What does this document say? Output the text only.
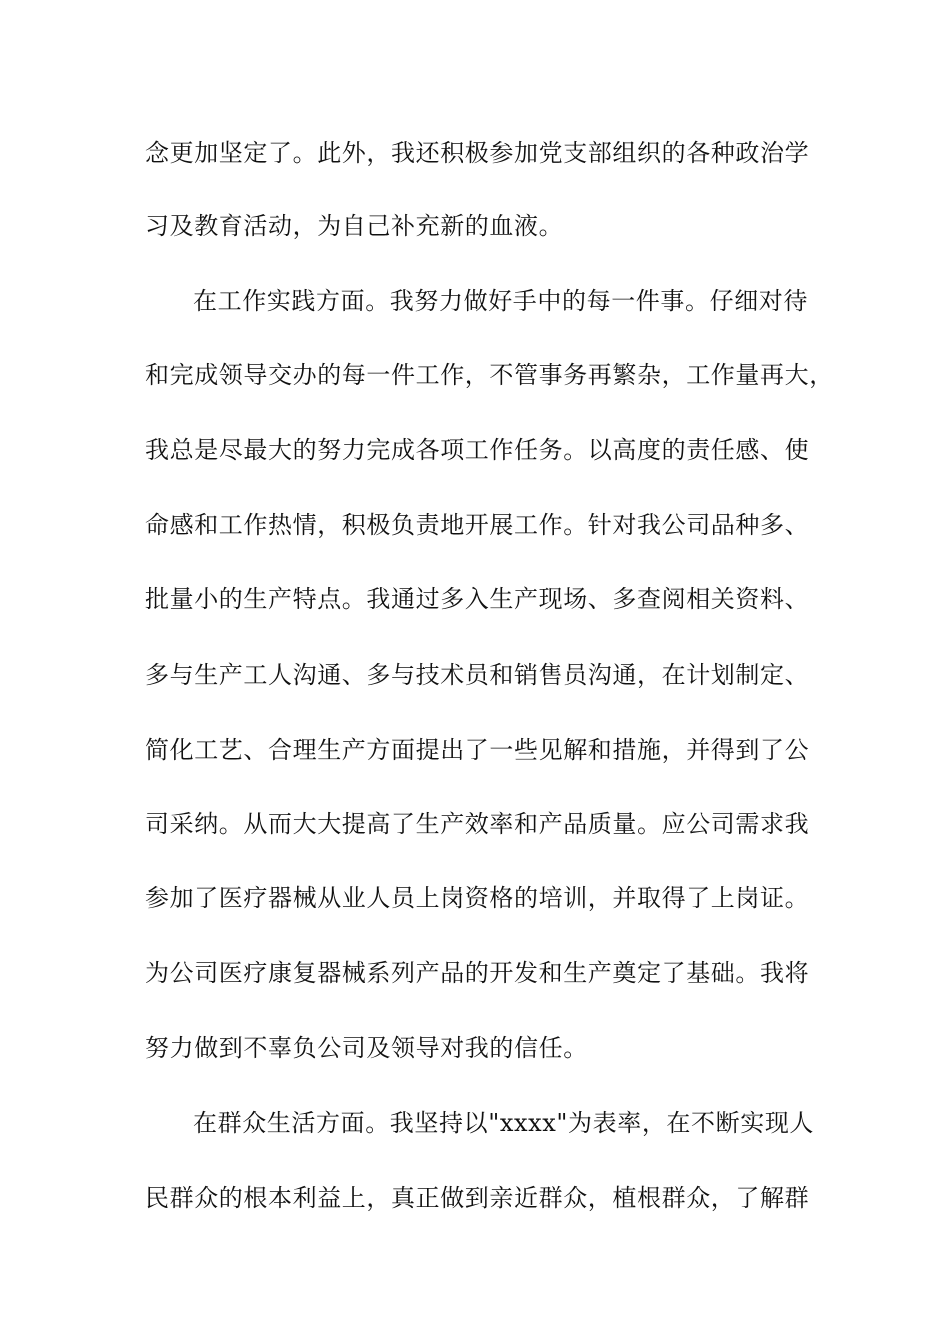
念更加坚定了。此外，我还积极参加党支部组织的各种政治学
习及教育活动，为自己补充新的血液。
在工作实践方面。我努力做好手中的每一件事。仔细对待
和完成领导交办的每一件工作，不管事务再繁杂，工作量再大，
我总是尽最大的努力完成各项工作任务。以高度的责任感、使
命感和工作热情，积极负责地开展工作。针对我公司品种多、
批量小的生产特点。我通过多入生产现场、多查阅相关资料、
多与生产工人沟通、多与技术员和销售员沟通，在计划制定、
简化工艺、合理生产方面提出了一些见解和措施，并得到了公
司采纳。从而大大提高了生产效率和产品质量。应公司需求我
参加了医疗器械从业人员上岗资格的培训，并取得了上岗证。
为公司医疗康复器械系列产品的开发和生产奠定了基础。我将
努力做到不辜负公司及领导对我的信任。
在群众生活方面。我坚持以"xxxx"为表率，在不断实现人
民群众的根本利益上，真正做到亲近群众，植根群众，了解群
